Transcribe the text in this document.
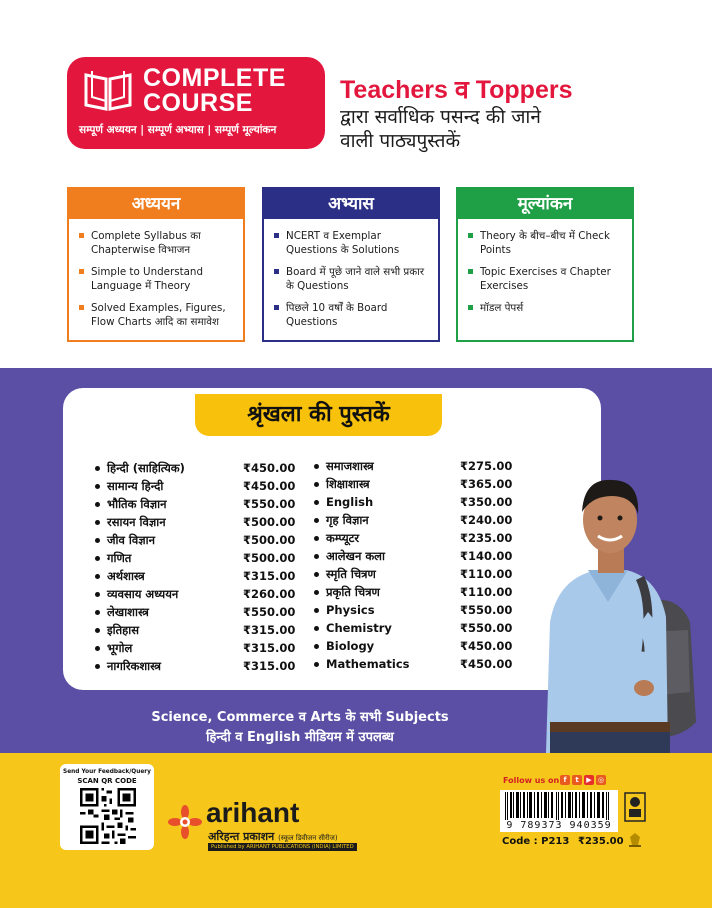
COMPLETE
COURSE
सम्पूर्ण अध्ययन | सम्पूर्ण अभ्यास | सम्पूर्ण मूल्यांकन
Teachers व Toppers
द्वारा सर्वाधिक पसन्द की जाने
वाली पाठ्यपुस्तकें
अध्ययन
Complete Syllabus का Chapterwise विभाजन
Simple to Understand Language में Theory
Solved Examples, Figures, Flow Charts आदि का समावेश
अभ्यास
NCERT व Exemplar Questions के Solutions
Board में पूछे जाने वाले सभी प्रकार के Questions
पिछले 10 वर्षों के Board Questions
मूल्यांकन
Theory के बीच–बीच में Check Points
Topic Exercises व Chapter Exercises
मॉडल पेपर्स
श्रृंखला की पुस्तकें
हिन्दी (साहित्यिक)	₹450.00
सामान्य हिन्दी	₹450.00
भौतिक विज्ञान	₹550.00
रसायन विज्ञान	₹500.00
जीव विज्ञान	₹500.00
गणित	₹500.00
अर्थशास्त्र	₹315.00
व्यवसाय अध्ययन	₹260.00
लेखाशास्त्र	₹550.00
इतिहास	₹315.00
भूगोल	₹315.00
नागरिकशास्त्र	₹315.00
समाजशास्त्र	₹275.00
शिक्षाशास्त्र	₹365.00
English	₹350.00
गृह विज्ञान	₹240.00
कम्प्यूटर	₹235.00
आलेखन कला	₹140.00
स्मृति चित्रण	₹110.00
प्रकृति चित्रण	₹110.00
Physics	₹550.00
Chemistry	₹550.00
Biology	₹450.00
Mathematics	₹450.00
Science, Commerce व Arts के सभी Subjects
हिन्दी व English मीडियम में उपलब्ध
Send Your Feedback/Query
SCAN QR CODE
arihant
अरिहन्त प्रकाशन (स्कूल डिवीजन सीरीज)
Published by ARIHANT PUBLICATIONS (INDIA) LIMITED
Follow us on f	t	▶ ◎
9 789373 940359
Code : P213 ₹235.00
